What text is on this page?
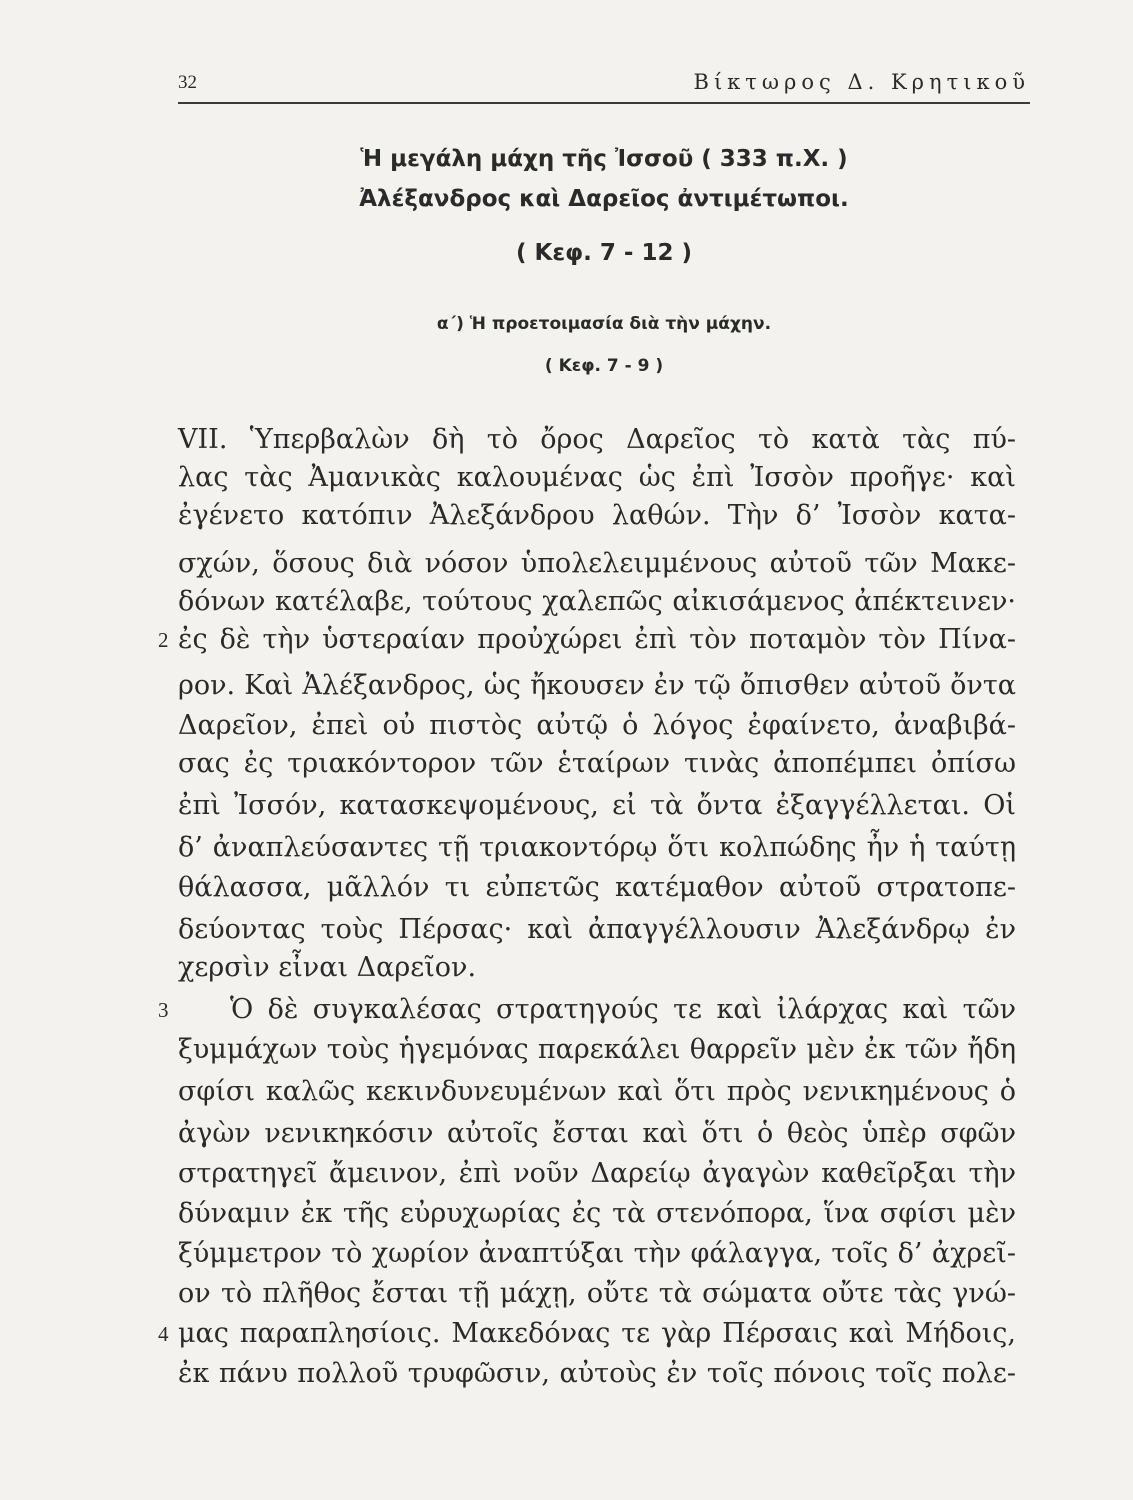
32	Βίκτωρος Δ. Κρητικοῦ
Ἡ μεγάλη μάχη τῆς Ἰσσοῦ ( 333 π.Χ. )
Ἀλέξανδρος καὶ Δαρεῖος ἀντιμέτωποι.
( Κεφ. 7 - 12 )
α΄) Ἡ προετοιμασία διὰ τὴν μάχην.
( Κεφ. 7 - 9 )
VII. Ὑπερβαλὼν δὴ τὸ ὄρος Δαρεῖος τὸ κατὰ τὰς πύ-
λας τὰς Ἀμανικὰς καλουμένας ὡς ἐπὶ Ἰσσὸν προῆγε· καὶ
ἐγένετο κατόπιν Ἀλεξάνδρου λαθών. Τὴν δ’ Ἰσσὸν κατα-
σχών, ὅσους διὰ νόσον ὑπολελειμμένους αὐτοῦ τῶν Μακε-
δόνων κατέλαβε, τούτους χαλεπῶς αἰκισάμενος ἀπέκτεινεν·
ἐς δὲ τὴν ὑστεραίαν προὐχώρει ἐπὶ τὸν ποταμὸν τὸν Πίνα-
ρον. Καὶ Ἀλέξανδρος, ὡς ἤκουσεν ἐν τῷ ὄπισθεν αὐτοῦ ὄντα
Δαρεῖον, ἐπεὶ οὐ πιστὸς αὐτῷ ὁ λόγος ἐφαίνετο, ἀναβιβά-
σας ἐς τριακόντορον τῶν ἑταίρων τινὰς ἀποπέμπει ὀπίσω
ἐπὶ Ἰσσόν, κατασκεψομένους, εἰ τὰ ὄντα ἐξαγγέλλεται. Οἱ
δ’ ἀναπλεύσαντες τῇ τριακοντόρῳ ὅτι κολπώδης ἦν ἡ ταύτῃ
θάλασσα, μᾶλλόν τι εὐπετῶς κατέμαθον αὐτοῦ στρατοπε-
δεύοντας τοὺς Πέρσας· καὶ ἀπαγγέλλουσιν Ἀλεξάνδρῳ ἐν
χερσὶν εἶναι Δαρεῖον.
Ὁ δὲ συγκαλέσας στρατηγούς τε καὶ ἰλάρχας καὶ τῶν
ξυμμάχων τοὺς ἡγεμόνας παρεκάλει θαρρεῖν μὲν ἐκ τῶν ἤδη
σφίσι καλῶς κεκινδυνευμένων καὶ ὅτι πρὸς νενικημένους ὁ
ἀγὼν νενικηκόσιν αὐτοῖς ἔσται καὶ ὅτι ὁ θεὸς ὑπὲρ σφῶν
στρατηγεῖ ἄμεινον, ἐπὶ νοῦν Δαρείῳ ἀγαγὼν καθεῖρξαι τὴν
δύναμιν ἐκ τῆς εὐρυχωρίας ἐς τὰ στενόπορα, ἵνα σφίσι μὲν
ξύμμετρον τὸ χωρίον ἀναπτύξαι τὴν φάλαγγα, τοῖς δ’ ἀχρεῖ-
ον τὸ πλῆθος ἔσται τῇ μάχῃ, οὔτε τὰ σώματα οὔτε τὰς γνώ-
μας παραπλησίοις. Μακεδόνας τε γὰρ Πέρσαις καὶ Μήδοις,
ἐκ πάνυ πολλοῦ τρυφῶσιν, αὐτοὺς ἐν τοῖς πόνοις τοῖς πολε-
2
3
4
